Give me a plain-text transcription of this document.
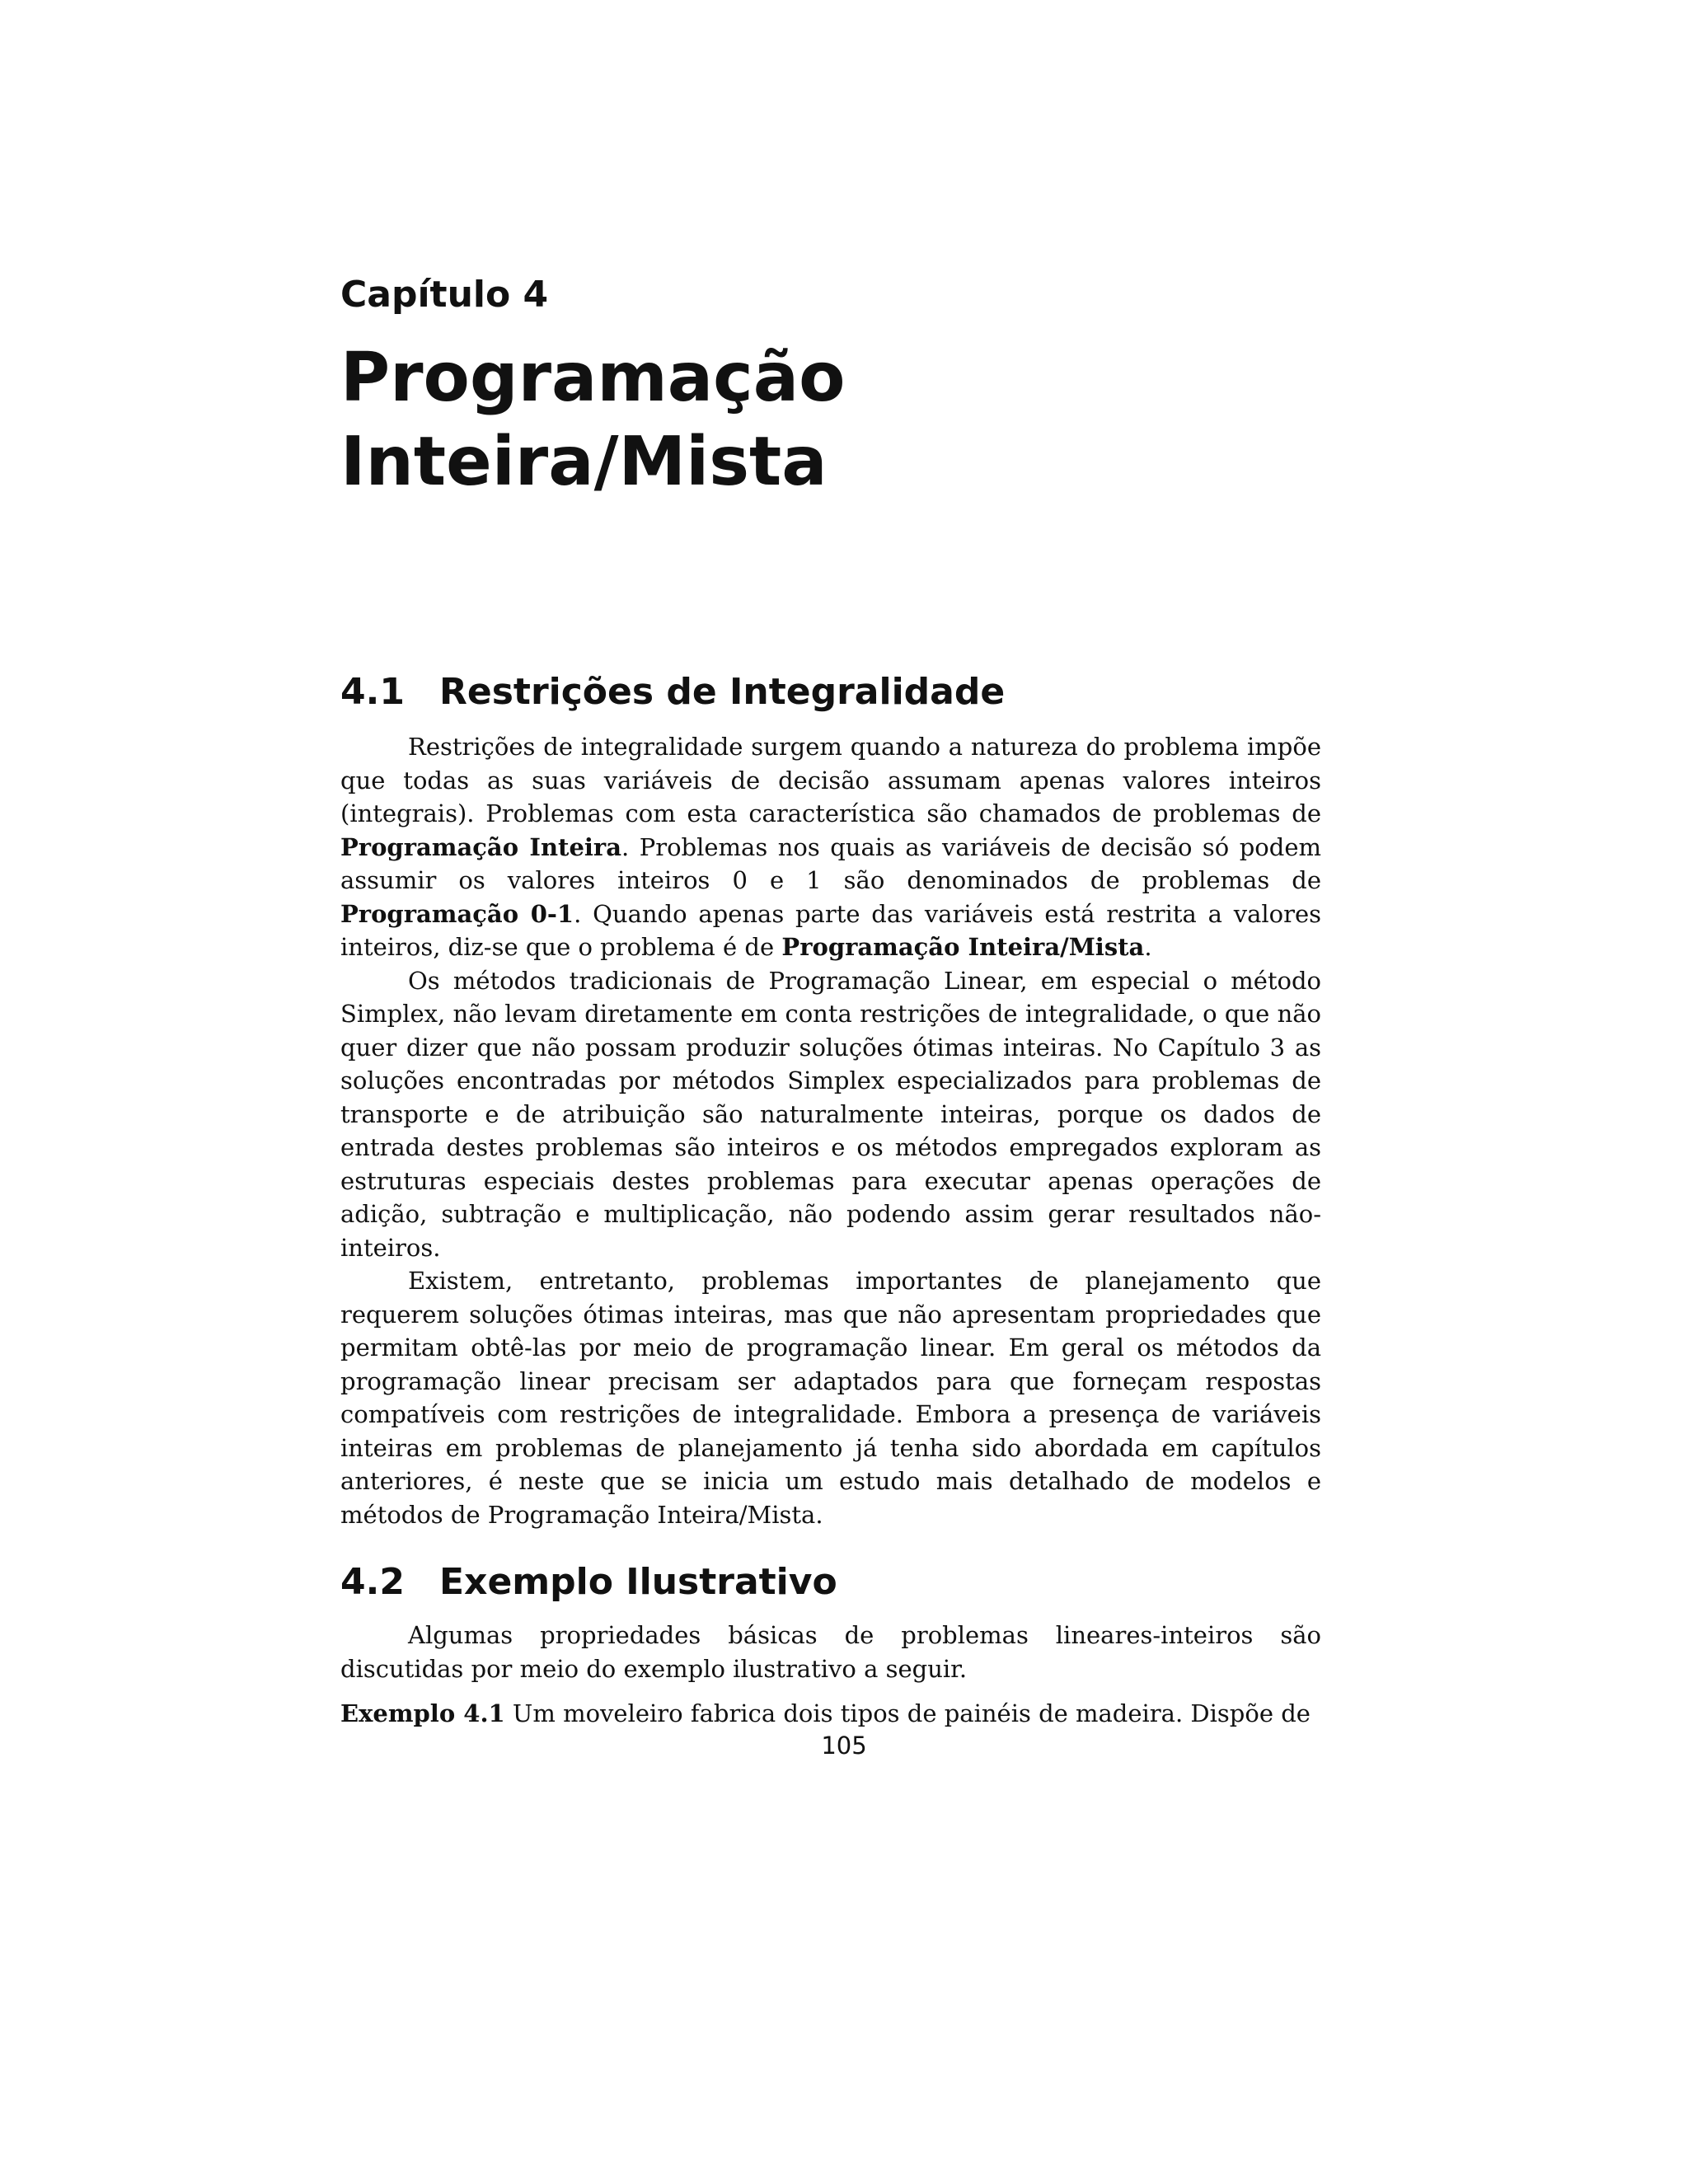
Capítulo 4

Programação
Inteira/Mista
4.1 Restrições de Integralidade

Restrições de integralidade surgem quando a natureza do problema impõe que todas as suas variáveis de decisão assumam apenas valores inteiros (integrais). Problemas com esta característica são chamados de problemas de Programação Inteira. Problemas nos quais as variáveis de decisão só podem assumir os valores inteiros 0 e 1 são denominados de problemas de Programação 0-1. Quando apenas parte das variáveis está restrita a valores inteiros, diz-se que o problema é de Programação Inteira/Mista.

Os métodos tradicionais de Programação Linear, em especial o método Simplex, não levam diretamente em conta restrições de integralidade, o que não quer dizer que não possam produzir soluções ótimas inteiras. No Capítulo 3 as soluções encontradas por métodos Simplex especializados para problemas de transporte e de atribuição são naturalmente inteiras, porque os dados de entrada destes problemas são inteiros e os métodos empregados exploram as estruturas especiais destes problemas para executar apenas operações de adição, subtração e multiplicação, não podendo assim gerar resultados não-inteiros.

Existem, entretanto, problemas importantes de planejamento que requerem soluções ótimas inteiras, mas que não apresentam propriedades que permitam obtê-las por meio de programação linear. Em geral os métodos da programação linear precisam ser adaptados para que forneçam respostas compatíveis com restrições de integralidade. Embora a presença de variáveis inteiras em problemas de planejamento já tenha sido abordada em capítulos anteriores, é neste que se inicia um estudo mais detalhado de modelos e métodos de Programação Inteira/Mista.

4.2 Exemplo Ilustrativo

Algumas propriedades básicas de problemas lineares-inteiros são discutidas por meio do exemplo ilustrativo a seguir.

Exemplo 4.1 Um moveleiro fabrica dois tipos de painéis de madeira. Dispõe de

105
